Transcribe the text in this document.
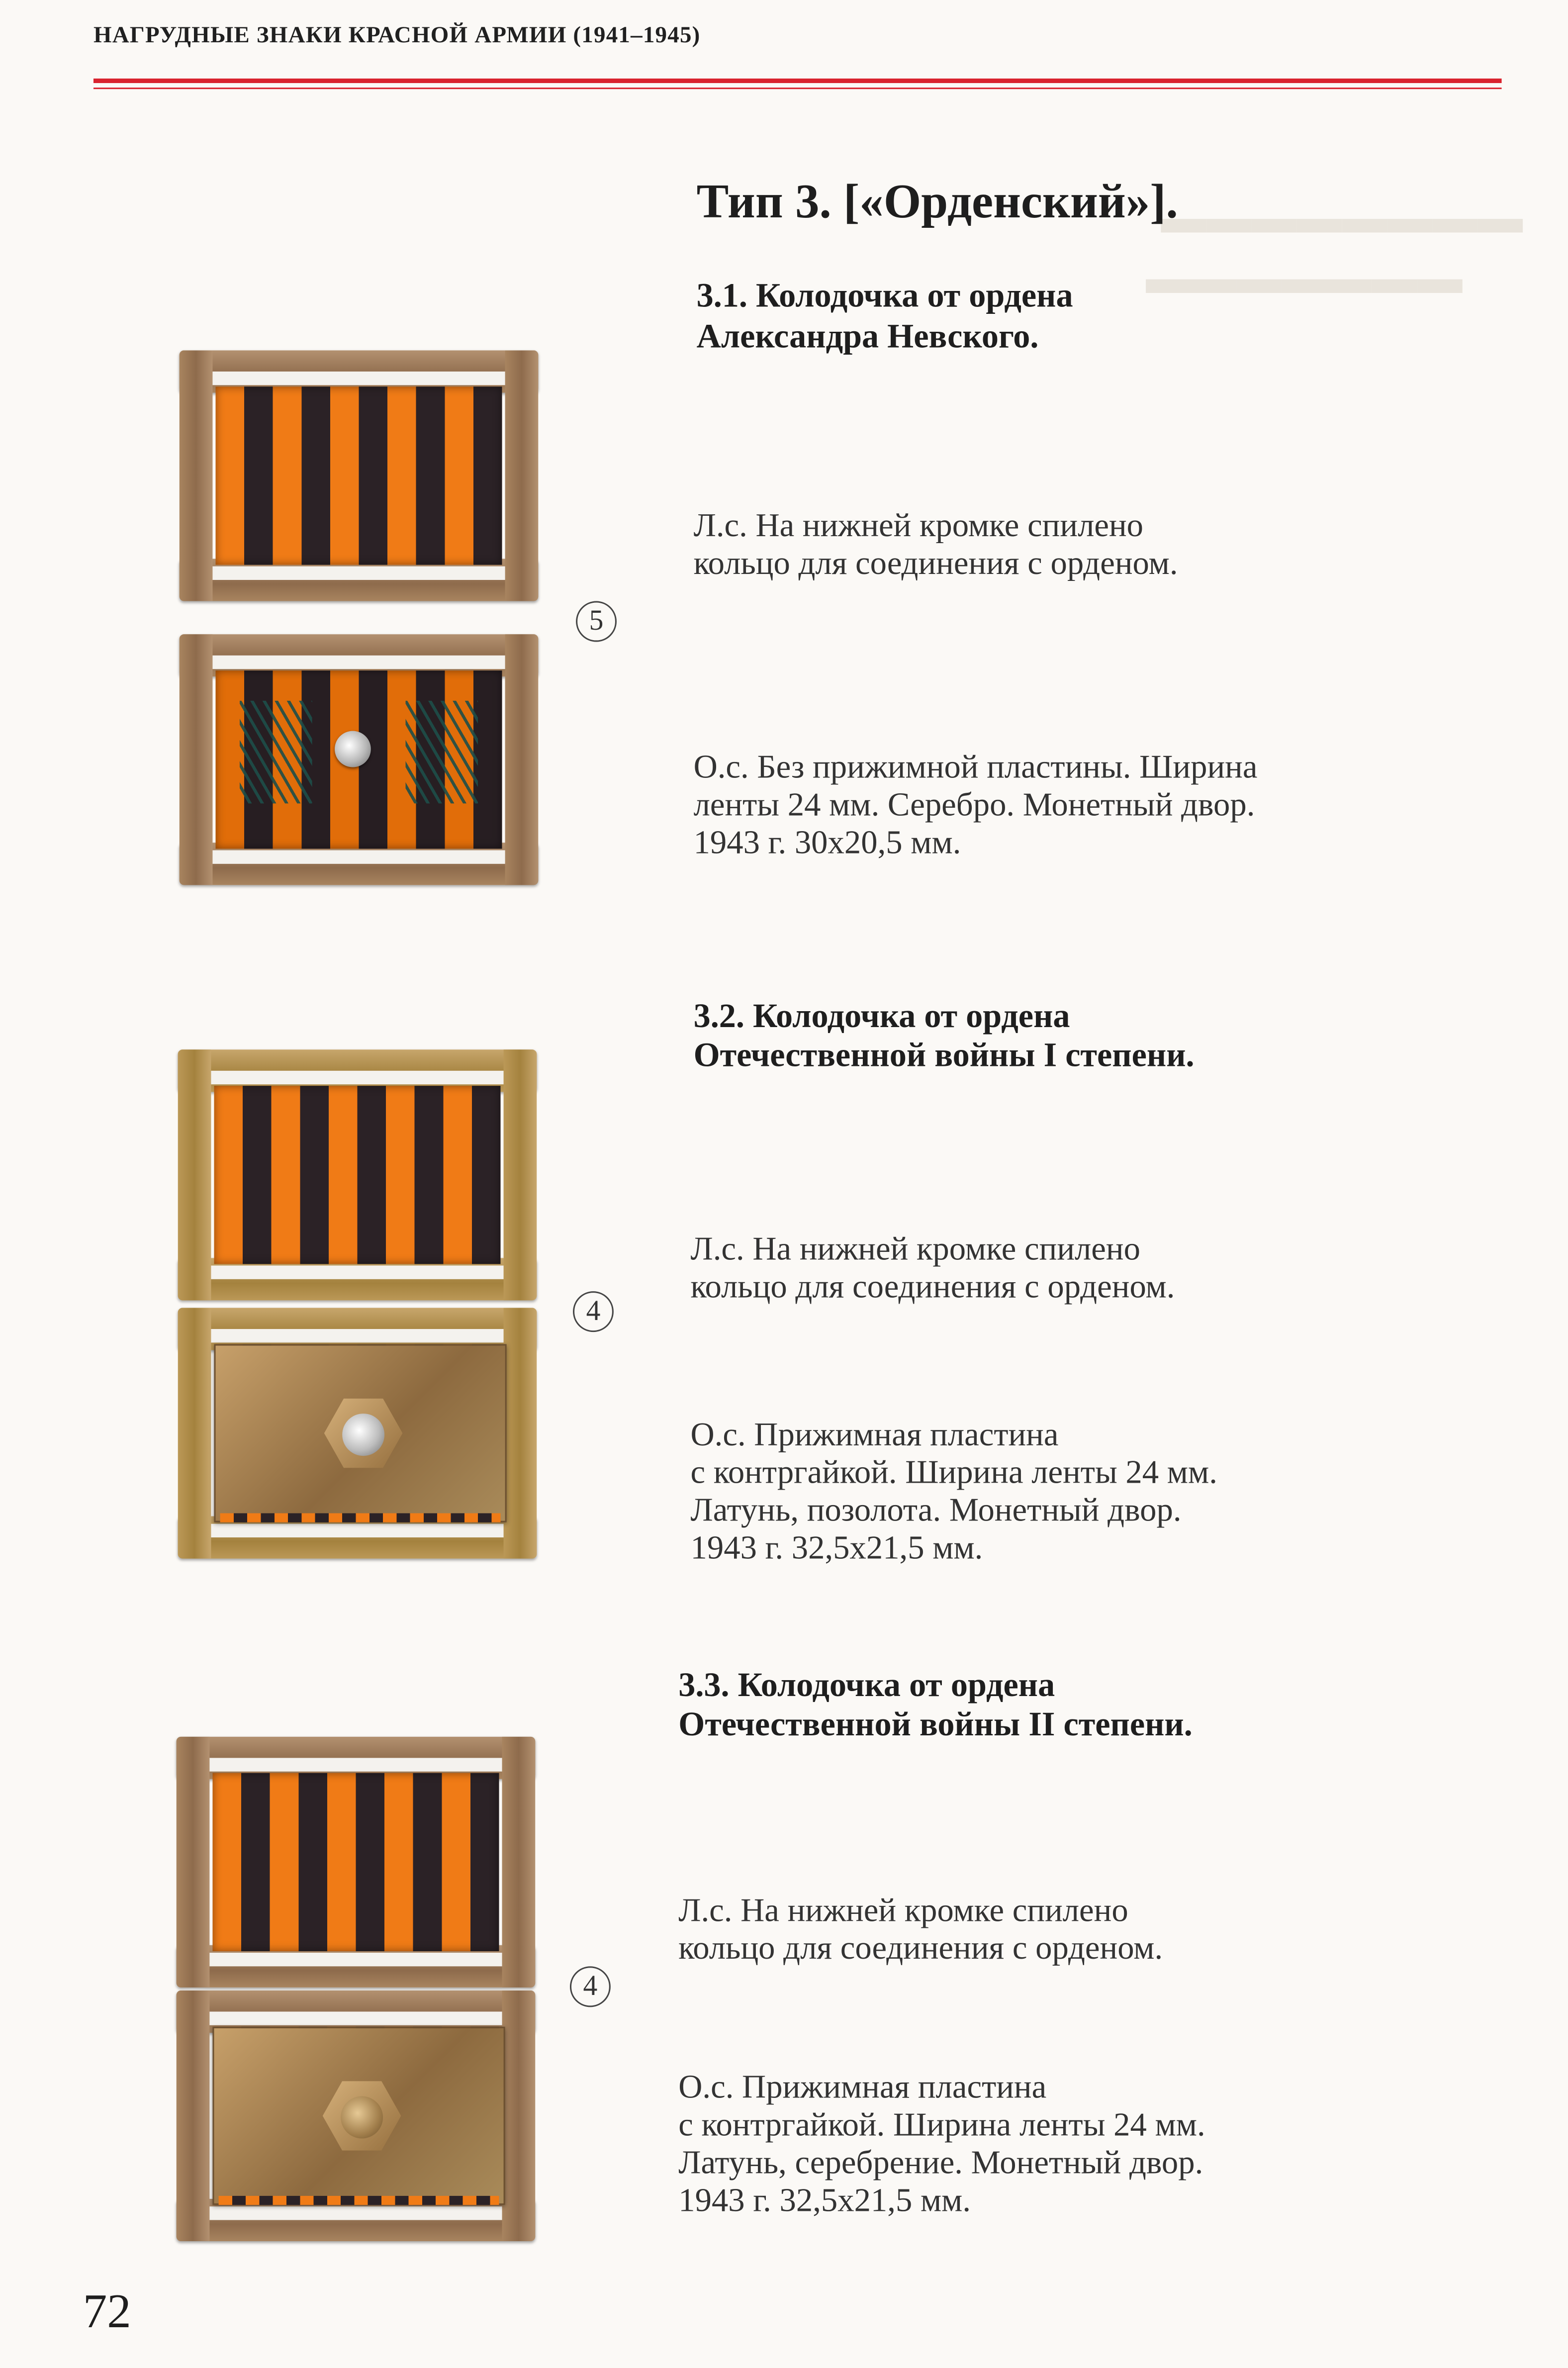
НАГРУДНЫЕ ЗНАКИ КРАСНОЙ АРМИИ (1941–1945)
▬▬▬▬▬▬▬▬
▬▬▬▬▬▬▬
Тип 3. [«Орденский»].
3.1. Колодочка от ордена
Александра Невского.
Л.с. На нижней кромке спилено
кольцо для соединения с орденом.
О.с. Без прижимной пластины. Ширина
ленты 24 мм. Серебро. Монетный двор.
1943 г. 30х20,5 мм.
5
3.2. Колодочка от ордена
Отечественной войны I степени.
Л.с. На нижней кромке спилено
кольцо для соединения с орденом.
О.с. Прижимная пластина
с контргайкой. Ширина ленты 24 мм.
Латунь, позолота. Монетный двор.
1943 г. 32,5х21,5 мм.
4
3.3. Колодочка от ордена
Отечественной войны II степени.
Л.с. На нижней кромке спилено
кольцо для соединения с орденом.
О.с. Прижимная пластина
с контргайкой. Ширина ленты 24 мм.
Латунь, серебрение. Монетный двор.
1943 г. 32,5х21,5 мм.
4
72
